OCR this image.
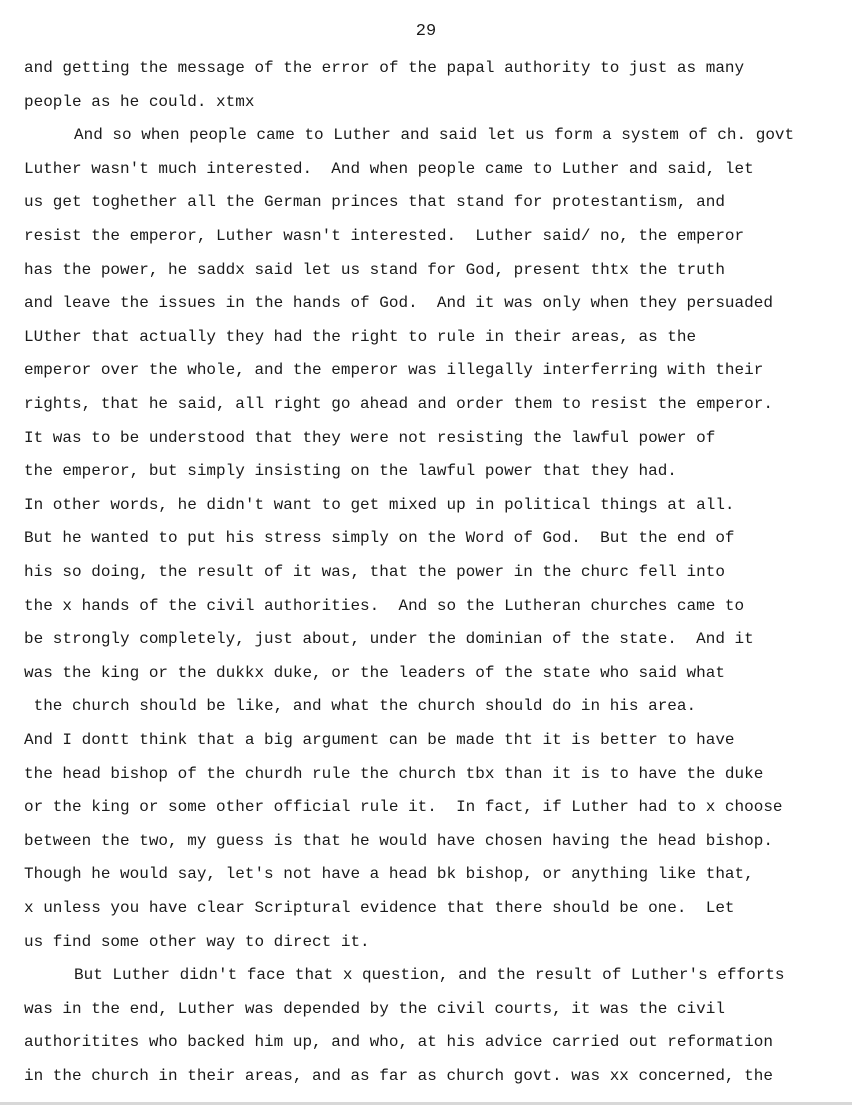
29
and getting the message of the error of the papal authority to just as many
people as he could. xtmx
And so when people came to Luther and said let us form a system of ch. govt
Luther wasn't much interested.  And when people came to Luther and said, let
us get toghether all the German princes that stand for protestantism, and
resist the emperor, Luther wasn't interested.  Luther said/ no, the emperor
has the power, he saddx said let us stand for God, present thtx the truth
and leave the issues in the hands of God.  And it was only when they persuaded
LUther that actually they had the right to rule in their areas, as the
emperor over the whole, and the emperor was illegally interferring with their
rights, that he said, all right go ahead and order them to resist the emperor.
It was to be understood that they were not resisting the lawful power of
the emperor, but simply insisting on the lawful power that they had.
In other words, he didn't want to get mixed up in political things at all.
But he wanted to put his stress simply on the Word of God.  But the end of
his so doing, the result of it was, that the power in the churc fell into
the x hands of the civil authorities.  And so the Lutheran churches came to
be strongly completely, just about, under the dominian of the state.  And it
was the king or the dukkx duke, or the leaders of the state who said what
the church should be like, and what the church should do in his area.
And I dontt think that a big argument can be made tht it is better to have
the head bishop of the churdh rule the church tbx than it is to have the duke
or the king or some other official rule it.  In fact, if Luther had to x choose
between the two, my guess is that he would have chosen having the head bishop.
Though he would say, let's not have a head bk bishop, or anything like that,
x unless you have clear Scriptural evidence that there should be one.  Let
us find some other way to direct it.
But Luther didn't face that x question, and the result of Luther's efforts
was in the end, Luther was depended by the civil courts, it was the civil
authoritites who backed him up, and who, at his advice carried out reformation
in the church in their areas, and as far as church govt. was xx concerned, the
